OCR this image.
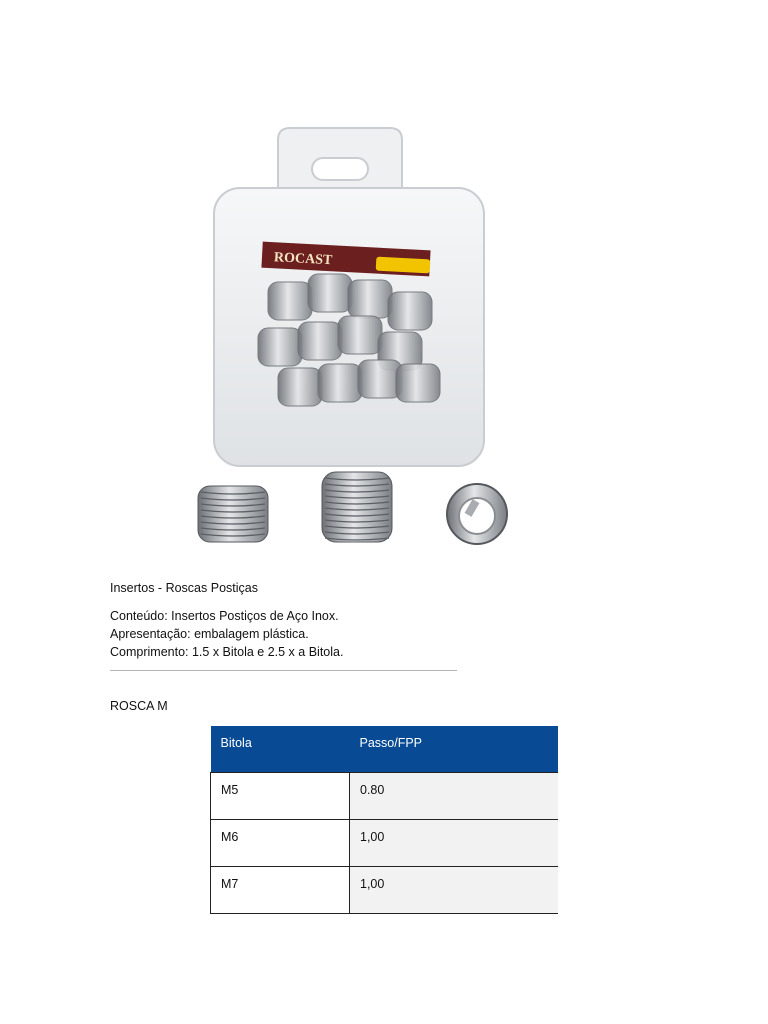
ROCAST
Insertos - Roscas Postiças
Conteúdo: Insertos Postiços de Aço Inox.
Apresentação: embalagem plástica.
Comprimento: 1.5 x Bitola e 2.5 x a Bitola.
ROSCA M
Bitola	Passo/FPP
M5	0.80
M6	1,00
M7	1,00
